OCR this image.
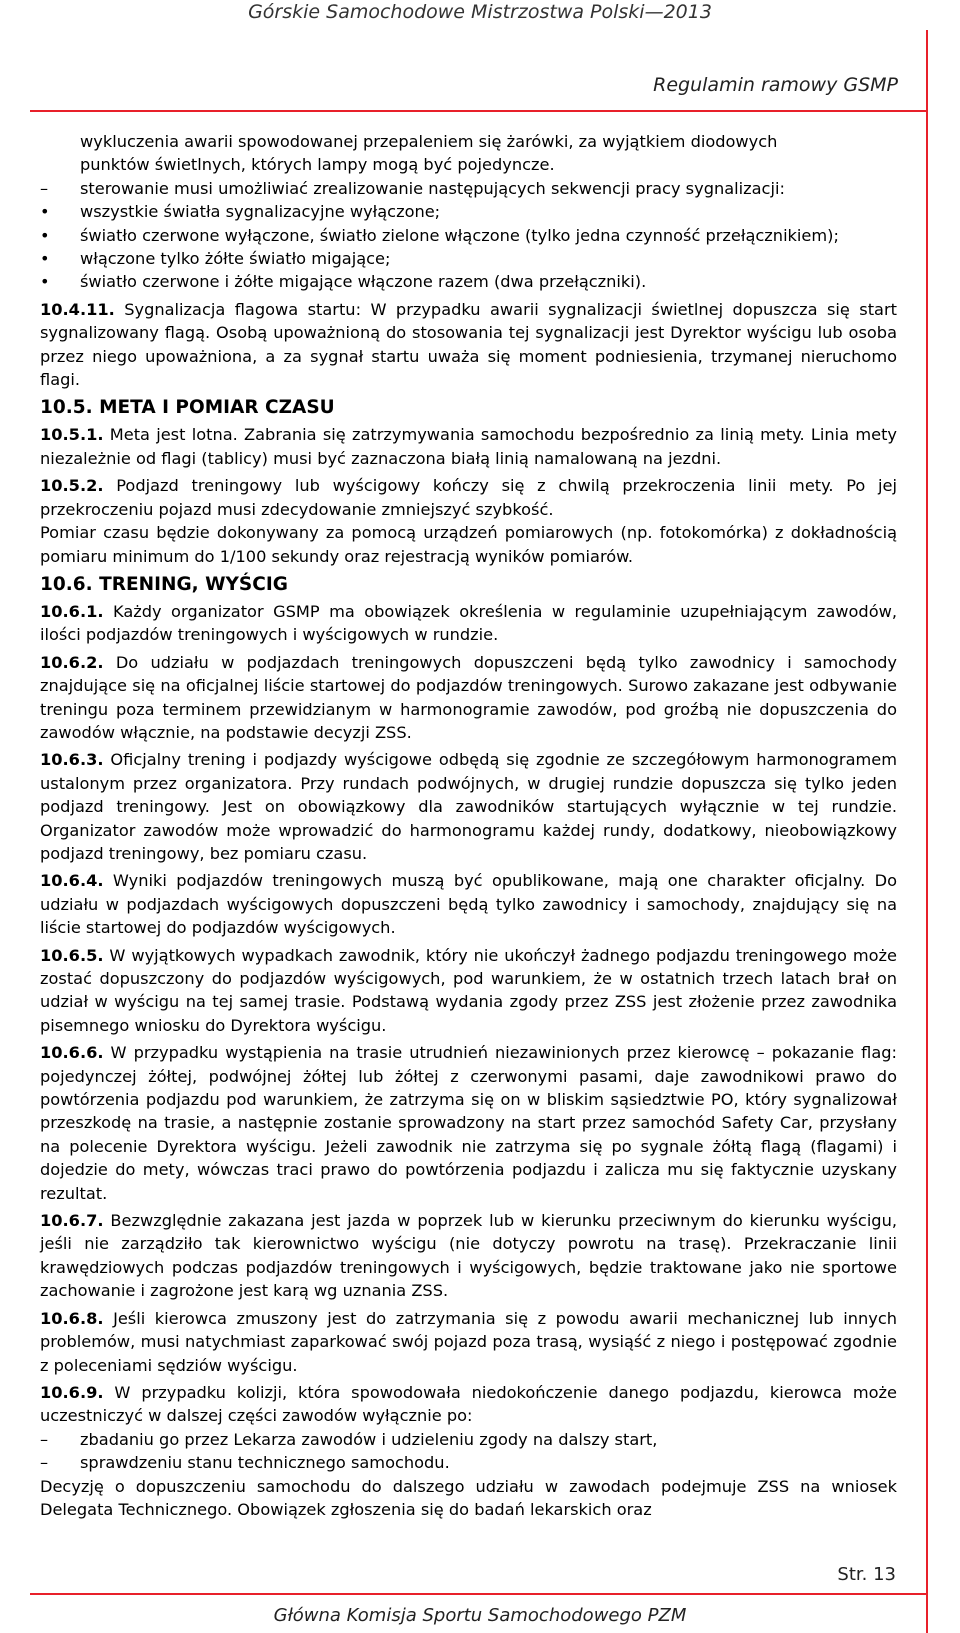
Górskie Samochodowe Mistrzostwa Polski—2013
Regulamin ramowy GSMP

wykluczenia awarii spowodowanej przepaleniem się żarówki, za wyjątkiem diodowych

punktów świetlnych, których lampy mogą być pojedyncze.

–	sterowanie musi umożliwiać zrealizowanie następujących sekwencji pracy sygnalizacji:
•	wszystkie światła sygnalizacyjne wyłączone;
•	światło czerwone wyłączone, światło zielone włączone (tylko jedna czynność przełącznikiem);
•	włączone tylko żółte światło migające;
•	światło czerwone i żółte migające włączone razem (dwa przełączniki).

10.4.11. Sygnalizacja flagowa startu: W przypadku awarii sygnalizacji świetlnej dopuszcza się start sygnalizowany flagą. Osobą upoważnioną do stosowania tej sygnalizacji jest Dyrektor wyścigu lub osoba przez niego upoważniona, a za sygnał startu uważa się moment podniesienia, trzymanej nieruchomo flagi.

10.5. META I POMIAR CZASU

10.5.1. Meta jest lotna. Zabrania się zatrzymywania samochodu bezpośrednio za linią mety. Linia mety niezależnie od flagi (tablicy) musi być zaznaczona białą linią namalowaną na jezdni.

10.5.2. Podjazd treningowy lub wyścigowy kończy się z chwilą przekroczenia linii mety. Po jej przekroczeniu pojazd musi zdecydowanie zmniejszyć szybkość.

Pomiar czasu będzie dokonywany za pomocą urządzeń pomiarowych (np. fotokomórka) z dokładnością pomiaru minimum do 1/100 sekundy oraz rejestracją wyników pomiarów.

10.6. TRENING, WYŚCIG

10.6.1. Każdy organizator GSMP ma obowiązek określenia w regulaminie uzupełniającym zawodów, ilości podjazdów treningowych i wyścigowych w rundzie.

10.6.2. Do udziału w podjazdach treningowych dopuszczeni będą tylko zawodnicy i samochody znajdujące się na oficjalnej liście startowej do podjazdów treningowych. Surowo zakazane jest odbywanie treningu poza terminem przewidzianym w harmonogramie zawodów, pod groźbą nie dopuszczenia do zawodów włącznie, na podstawie decyzji ZSS.

10.6.3. Oficjalny trening i podjazdy wyścigowe odbędą się zgodnie ze szczegółowym harmonogramem ustalonym przez organizatora. Przy rundach podwójnych, w drugiej rundzie dopuszcza się tylko jeden podjazd treningowy. Jest on obowiązkowy dla zawodników startujących wyłącznie w tej rundzie. Organizator zawodów może wprowadzić do harmonogramu każdej rundy, dodatkowy, nieobowiązkowy podjazd treningowy, bez pomiaru czasu.

10.6.4. Wyniki podjazdów treningowych muszą być opublikowane, mają one charakter oficjalny. Do udziału w podjazdach wyścigowych dopuszczeni będą tylko zawodnicy i samochody, znajdujący się na liście startowej do podjazdów wyścigowych.

10.6.5. W wyjątkowych wypadkach zawodnik, który nie ukończył żadnego podjazdu treningowego może zostać dopuszczony do podjazdów wyścigowych, pod warunkiem, że w ostatnich trzech latach brał on udział w wyścigu na tej samej trasie. Podstawą wydania zgody przez ZSS jest złożenie przez zawodnika pisemnego wniosku do Dyrektora wyścigu.

10.6.6. W przypadku wystąpienia na trasie utrudnień niezawinionych przez kierowcę – pokazanie flag: pojedynczej żółtej, podwójnej żółtej lub żółtej z czerwonymi pasami, daje zawodnikowi prawo do powtórzenia podjazdu pod warunkiem, że zatrzyma się on w bliskim sąsiedztwie PO, który sygnalizował przeszkodę na trasie, a następnie zostanie sprowadzony na start przez samochód Safety Car, przysłany na polecenie Dyrektora wyścigu. Jeżeli zawodnik nie zatrzyma się po sygnale żółtą flagą (flagami) i dojedzie do mety, wówczas traci prawo do powtórzenia podjazdu i zalicza mu się faktycznie uzyskany rezultat.

10.6.7. Bezwzględnie zakazana jest jazda w poprzek lub w kierunku przeciwnym do kierunku wyścigu, jeśli nie zarządziło tak kierownictwo wyścigu (nie dotyczy powrotu na trasę). Przekraczanie linii krawędziowych podczas podjazdów treningowych i wyścigowych, będzie traktowane jako nie sportowe zachowanie i zagrożone jest karą wg uznania ZSS.

10.6.8. Jeśli kierowca zmuszony jest do zatrzymania się z powodu awarii mechanicznej lub innych problemów, musi natychmiast zaparkować swój pojazd poza trasą, wysiąść z niego i postępować zgodnie z poleceniami sędziów wyścigu.

10.6.9. W przypadku kolizji, która spowodowała niedokończenie danego podjazdu, kierowca może uczestniczyć w dalszej części zawodów wyłącznie po:

–	zbadaniu go przez Lekarza zawodów i udzieleniu zgody na dalszy start,
–	sprawdzeniu stanu technicznego samochodu.

Decyzję o dopuszczeniu samochodu do dalszego udziału w zawodach podejmuje ZSS na wniosek Delegata Technicznego. Obowiązek zgłoszenia się do badań lekarskich oraz

Str. 13
Główna Komisja Sportu Samochodowego PZM
